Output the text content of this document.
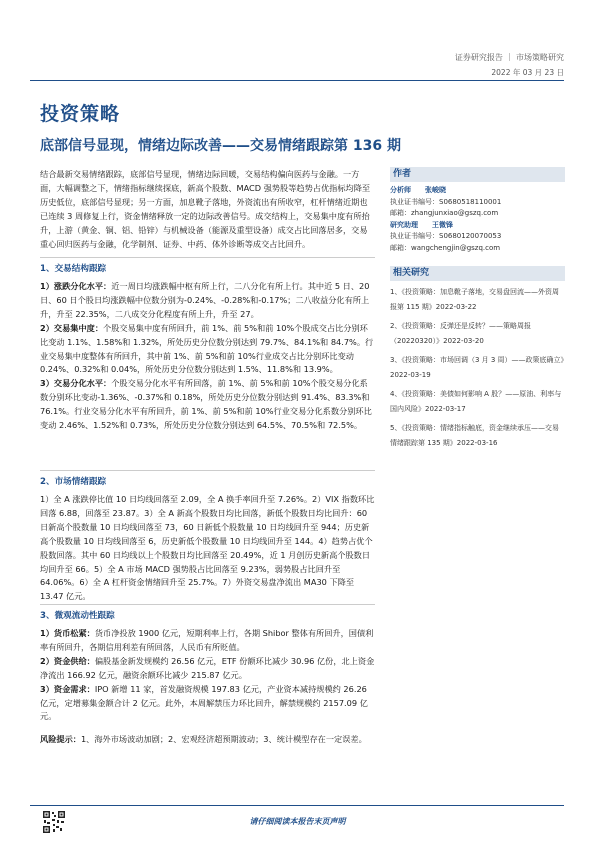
证券研究报告 ｜ 市场策略研究
2022 年 03 月 23 日
投资策略
底部信号显现，情绪边际改善——交易情绪跟踪第 136 期
结合最新交易情绪跟踪，底部信号显现，情绪边际回暖，交易结构偏向医药与金融。一方面，大幅调整之下，情绪指标继续探底，新高个股数、MACD 强势股等趋势占优指标均降至历史低位，底部信号显现；另一方面，加息靴子落地，外资流出有所收窄，杠杆情绪近期也已连续 3 周修复上行，资金情绪释放一定的边际改善信号。成交结构上，交易集中度有所抬升，上游（黄金、铜、铝、铅锌）与机械设备（能源及重型设备）成交占比回落居多，交易重心回归医药与金融，化学制剂、证券、中药、体外诊断等成交占比回升。
1、交易结构跟踪

1）涨跌分化水平：近一周日均涨跌幅中枢有所上行，二八分化有所上行。其中近 5 日、20 日、60 日个股日均涨跌幅中位数分别为-0.24%、-0.28%和-0.17%；二八收益分化有所上升，升至 22.35%，二八成交分化程度有所上升，升至 27。

2）交易集中度：个股交易集中度有所回升，前 1%、前 5%和前 10%个股成交占比分别环比变动 1.1%、1.58%和 1.32%，所处历史分位数分别达到 79.7%、84.1%和 84.7%。行业交易集中度整体有所回升，其中前 1%、前 5%和前 10%行业成交占比分别环比变动 0.24%、0.32%和 0.04%，所处历史分位数分别达到 1.5%、11.8%和 13.9%。

3）交易分化水平：个股交易分化水平有所回落，前 1%、前 5%和前 10%个股交易分化系数分别环比变动-1.36%、-0.37%和 0.18%，所处历史分位数分别达到 91.4%、83.3%和 76.1%。行业交易分化水平有所回升，前 1%、前 5%和前 10%行业交易分化系数分别环比变动 2.46%、1.52%和 0.73%，所处历史分位数分别达到 64.5%、70.5%和 72.5%。

2、市场情绪跟踪

1）全 A 涨跌停比值 10 日均线回落至 2.09，全 A 换手率回升至 7.26%。2）VIX 指数环比回落 6.88，回落至 23.87。3）全 A 新高个股数日均比回落，新低个股数日均比回升：60 日新高个股数量 10 日均线回落至 73，60 日新低个股数量 10 日均线回升至 944；历史新高个股数量 10 日均线回落至 6，历史新低个股数量 10 日均线回升至 144。4）趋势占优个股数回落。其中 60 日均线以上个股数日均比回落至 20.49%，近 1 月创历史新高个股数日均回升至 66。5）全 A 市场 MACD 强势股占比回落至 9.23%，弱势股占比回升至 64.06%。6）全 A 杠杆资金情绪回升至 25.7%。7）外资交易盘净流出 MA30 下降至 13.47 亿元。

3、微观流动性跟踪

1）货币松紧：货币净投放 1900 亿元，短期利率上行，各期 Shibor 整体有所回升，国债利率有所回升，各期信用利差有所回落，人民币有所贬值。

2）资金供给：偏股基金新发规模约 26.56 亿元，ETF 份额环比减少 30.96 亿份，北上资金净流出 166.92 亿元，融资余额环比减少 215.87 亿元。

3）资金需求：IPO 新增 11 家，首发融资规模 197.83 亿元，产业资本减持规模约 26.26 亿元，定增募集金额合计 2 亿元。此外，本周解禁压力环比回升，解禁规模约 2157.09 亿元。

风险提示：1、海外市场波动加剧；2、宏观经济超预期波动；3、统计模型存在一定误差。

作者
分析师 张峻晓
执业证书编号：S0680518110001
邮箱：zhangjunxiao@gszq.com
研究助理 王微锋
执业证书编号：S0680120070053
邮箱：wangchengjin@gszq.com
相关研究
1、《投资策略：加息靴子落地，交易盘回流——外资周报第 115 期》2022-03-22
2、《投资策略：反弹还是反转？——策略周报（20220320）》2022-03-20
3、《投资策略：市场回调（3 月 3 周）——政策底确立》2022-03-19
4、《投资策略：美债如何影响 A 股？——原油、利率与国内风险》2022-03-17
5、《投资策略：情绪指标触底，资金继续承压——交易情绪跟踪第 135 期》2022-03-16
请仔细阅读本报告末页声明
